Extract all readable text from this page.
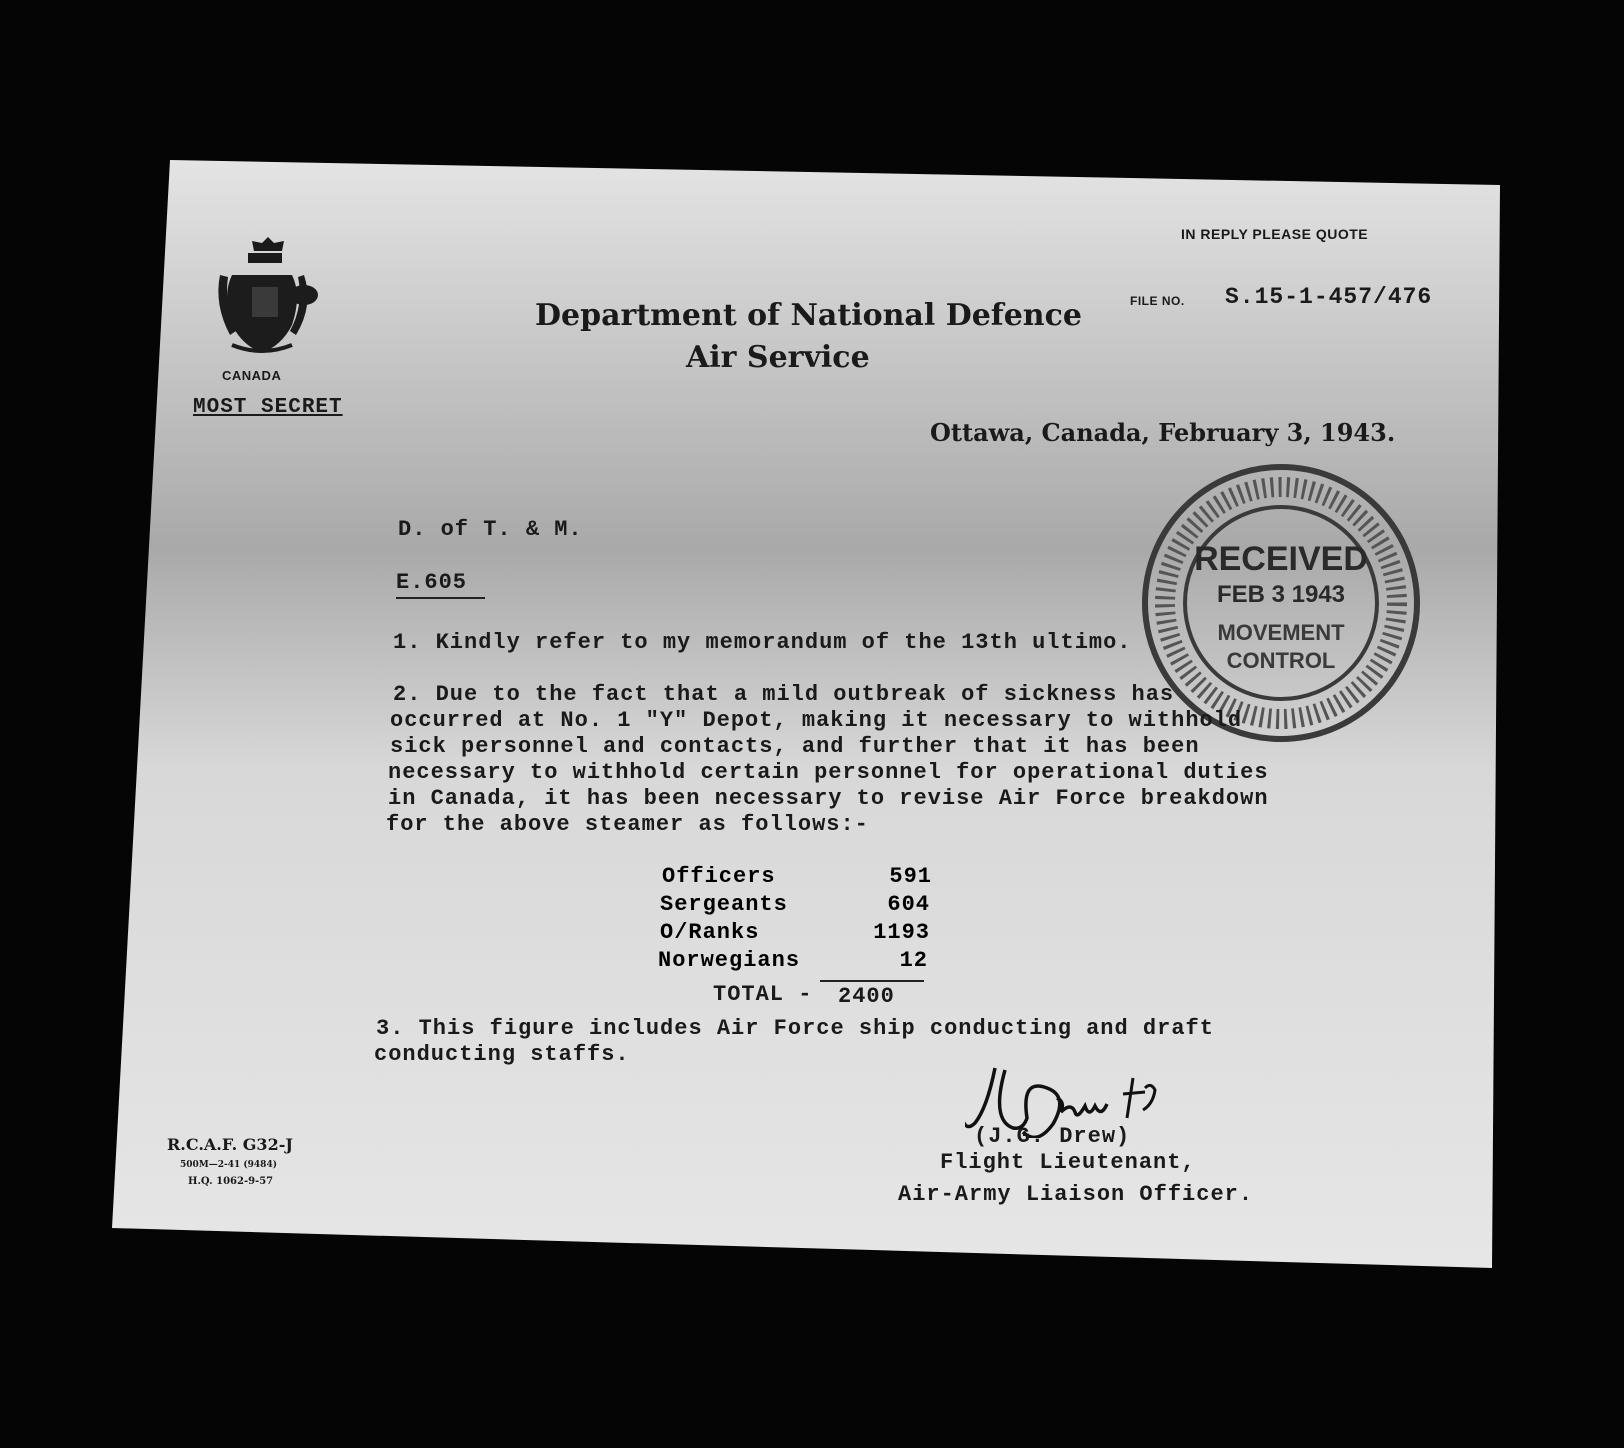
CANADA
MOST SECRET
IN REPLY PLEASE QUOTE
FILE NO. S.15-1-457/476
Department of National Defence
Air Service
Ottawa, Canada, February 3, 1943.
RECEIVED
FEB 3 1943
MOVEMENT
CONTROL
D. of T. & M.
E.605
1. Kindly refer to my memorandum of the 13th ultimo.
2. Due to the fact that a mild outbreak of sickness has
occurred at No. 1 "Y" Depot, making it necessary to withhold
sick personnel and contacts, and further that it has been
necessary to withhold certain personnel for operational duties
in Canada, it has been necessary to revise Air Force breakdown
for the above steamer as follows:-
Officers	591
Sergeants	604
O/Ranks	1193
Norwegians	12
TOTAL - 2400
3. This figure includes Air Force ship conducting and draft
conducting staffs.
(J.G. Drew)
Flight Lieutenant,
Air-Army Liaison Officer.
R.C.A.F. G32-J
500M—2-41 (9484)
H.Q. 1062-9-57
